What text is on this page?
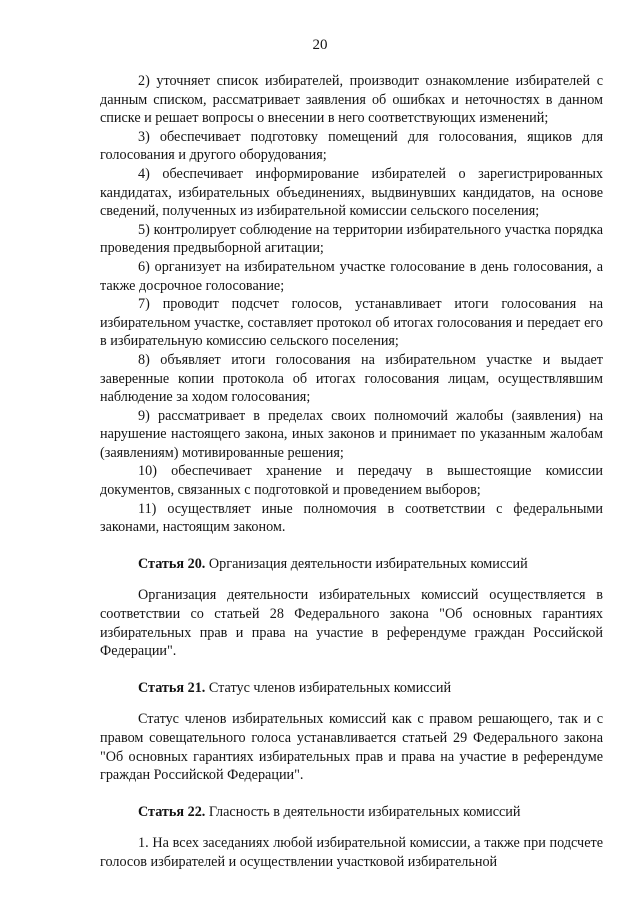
20

2) уточняет список избирателей, производит ознакомление избирателей с данным списком, рассматривает заявления об ошибках и неточностях в данном списке и решает вопросы о внесении в него соответствующих изменений;

3) обеспечивает подготовку помещений для голосования, ящиков для голосования и другого оборудования;

4) обеспечивает информирование избирателей о зарегистрированных кандидатах, избирательных объединениях, выдвинувших кандидатов, на основе сведений, полученных из избирательной комиссии сельского поселения;

5) контролирует соблюдение на территории избирательного участка порядка проведения предвыборной агитации;

6) организует на избирательном участке голосование в день голосования, а также досрочное голосование;

7) проводит подсчет голосов, устанавливает итоги голосования на избирательном участке, составляет протокол об итогах голосования и передает его в избирательную комиссию сельского поселения;

8) объявляет итоги голосования на избирательном участке и выдает заверенные копии протокола об итогах голосования лицам, осуществлявшим наблюдение за ходом голосования;

9) рассматривает в пределах своих полномочий жалобы (заявления) на нарушение настоящего закона, иных законов и принимает по указанным жалобам (заявлениям) мотивированные решения;

10) обеспечивает хранение и передачу в вышестоящие комиссии документов, связанных с подготовкой и проведением выборов;

11) осуществляет иные полномочия в соответствии с федеральными законами, настоящим законом.

Статья 20. Организация деятельности избирательных комиссий

Организация деятельности избирательных комиссий осуществляется в соответствии со статьей 28 Федерального закона "Об основных гарантиях избирательных прав и права на участие в референдуме граждан Российской Федерации".

Статья 21. Статус членов избирательных комиссий

Статус членов избирательных комиссий как с правом решающего, так и с правом совещательного голоса устанавливается статьей 29 Федерального закона "Об основных гарантиях избирательных прав и права на участие в референдуме граждан Российской Федерации".

Статья 22. Гласность в деятельности избирательных комиссий

1. На всех заседаниях любой избирательной комиссии, а также при подсчете голосов избирателей и осуществлении участковой избирательной
